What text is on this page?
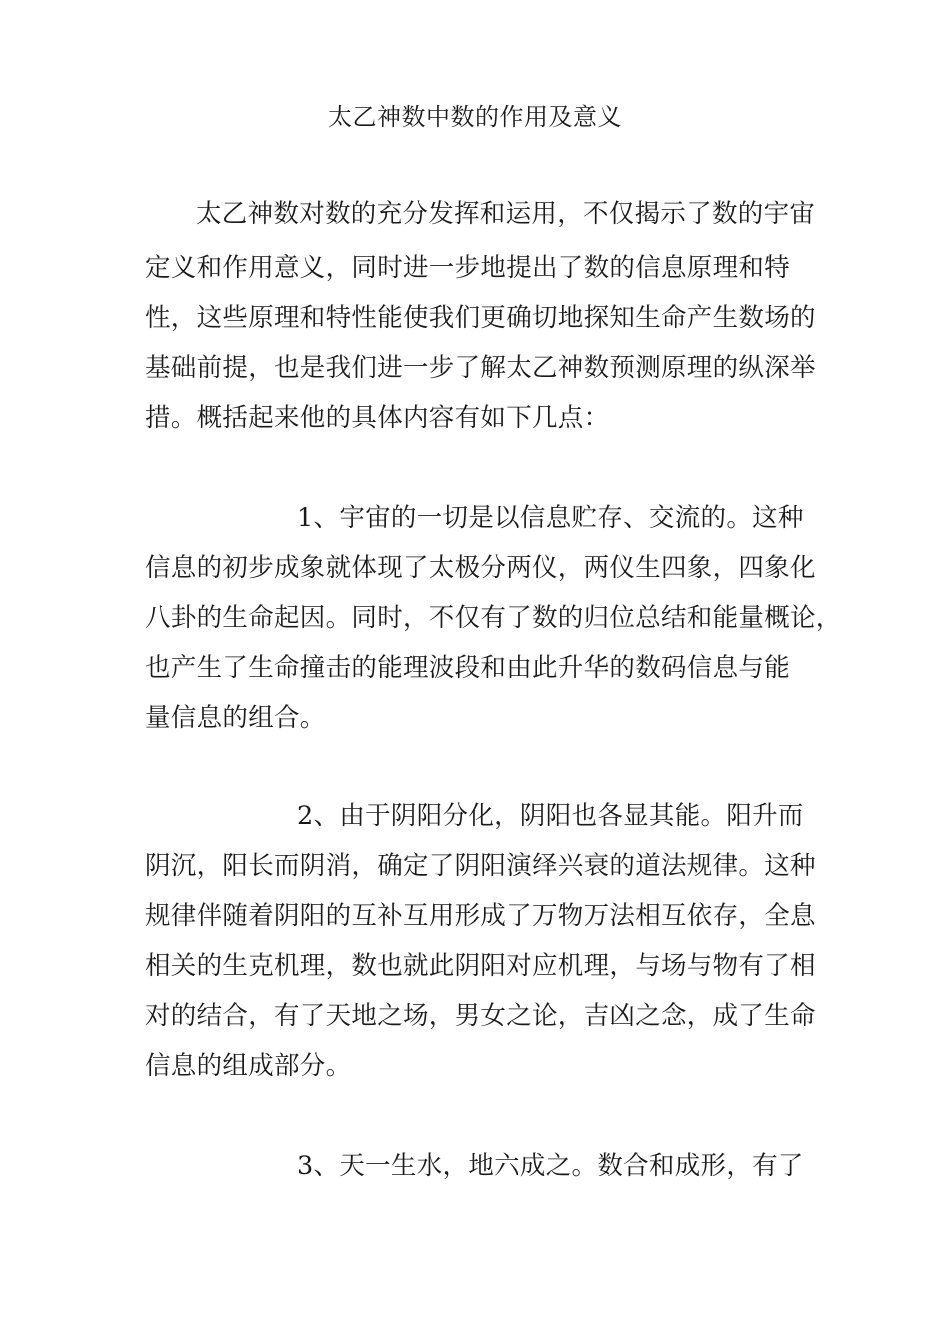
太乙神数中数的作用及意义
太乙神数对数的充分发挥和运用，不仅揭示了数的宇宙
定义和作用意义，同时进一步地提出了数的信息原理和特
性，这些原理和特性能使我们更确切地探知生命产生数场的
基础前提，也是我们进一步了解太乙神数预测原理的纵深举
措。概括起来他的具体内容有如下几点：
1、宇宙的一切是以信息贮存、交流的。这种
信息的初步成象就体现了太极分两仪，两仪生四象，四象化
八卦的生命起因。同时，不仅有了数的归位总结和能量概论，
也产生了生命撞击的能理波段和由此升华的数码信息与能
量信息的组合。
2、由于阴阳分化，阴阳也各显其能。阳升而
阴沉，阳长而阴消，确定了阴阳演绎兴衰的道法规律。这种
规律伴随着阴阳的互补互用形成了万物万法相互依存，全息
相关的生克机理，数也就此阴阳对应机理，与场与物有了相
对的结合，有了天地之场，男女之论，吉凶之念，成了生命
信息的组成部分。
3、天一生水，地六成之。数合和成形，有了
